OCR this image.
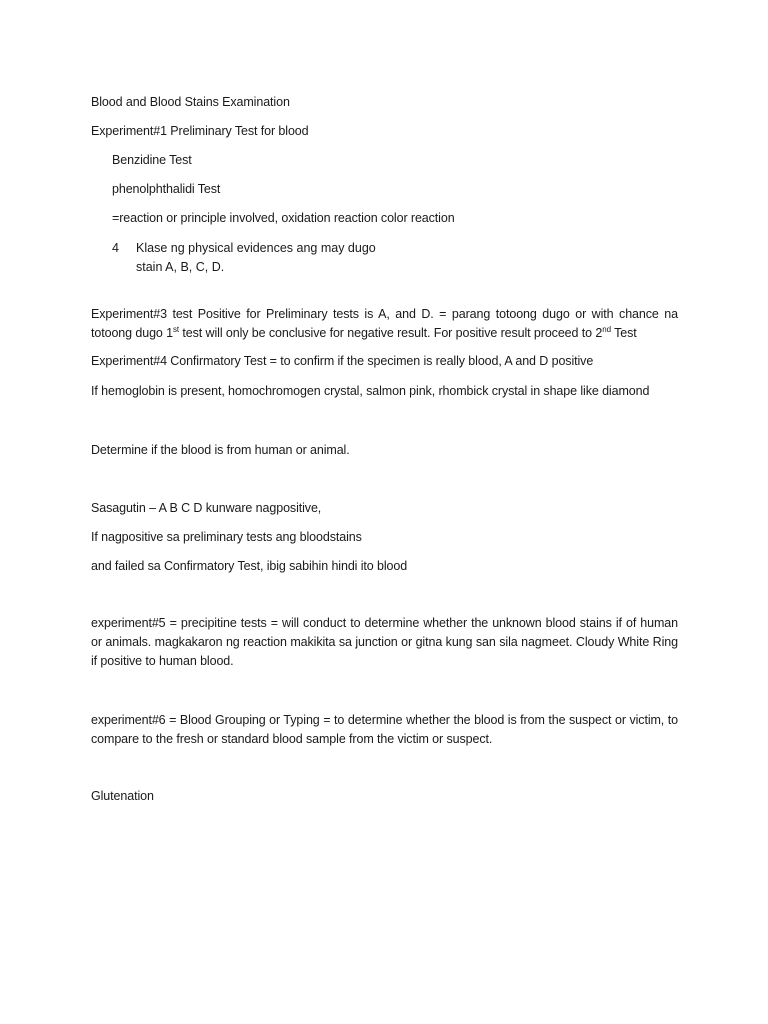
Blood and Blood Stains Examination
Experiment#1 Preliminary Test for blood
Benzidine Test
phenolphthalidi Test
=reaction or principle involved, oxidation reaction color reaction
4 Klase ng physical evidences ang may dugo
stain A, B, C, D.
Experiment#3 test Positive for Preliminary tests is A, and D. = parang totoong dugo or with chance na
totoong dugo 1st test will only be conclusive for negative result. For positive result proceed to 2nd Test
Experiment#4 Confirmatory Test = to confirm if the specimen is really blood, A and D positive
If hemoglobin is present, homochromogen crystal, salmon pink, rhombick crystal in shape like diamond
Determine if the blood is from human or animal.
Sasagutin – A B C D kunware nagpositive,
If nagpositive sa preliminary tests ang bloodstains
and failed sa Confirmatory Test, ibig sabihin hindi ito blood
experiment#5 = precipitine tests = will conduct to determine whether the unknown blood stains if of human or animals. magkakaron ng reaction makikita sa junction or gitna kung san sila nagmeet. Cloudy White Ring if positive to human blood.
experiment#6 = Blood Grouping or Typing = to determine whether the blood is from the suspect or victim, to compare to the fresh or standard blood sample from the victim or suspect.
Glutenation
